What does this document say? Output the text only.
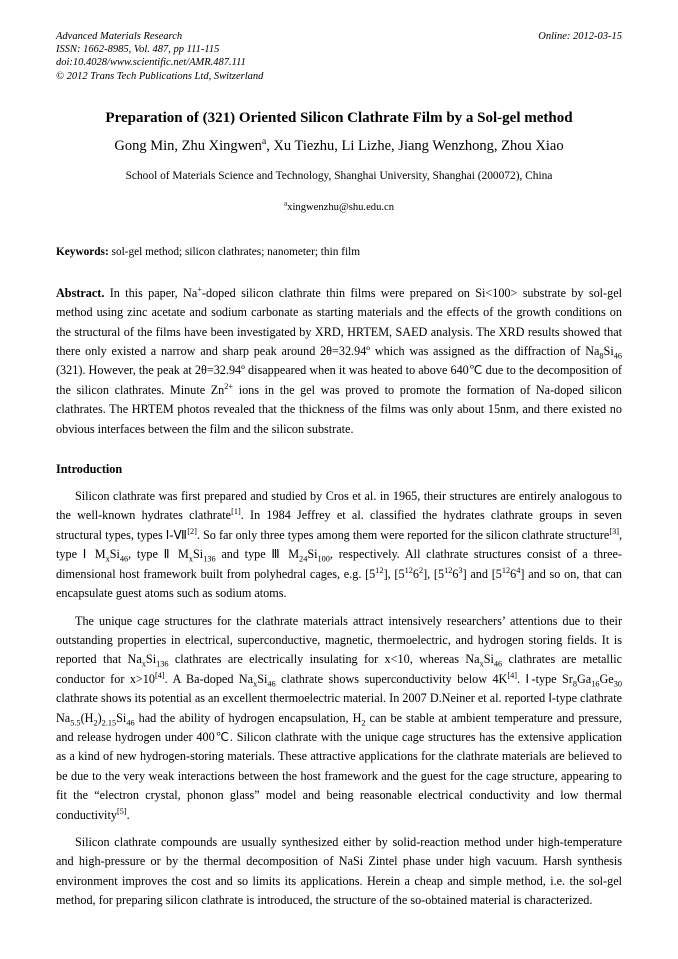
Advanced Materials Research
ISSN: 1662-8985, Vol. 487, pp 111-115
doi:10.4028/www.scientific.net/AMR.487.111
© 2012 Trans Tech Publications Ltd, Switzerland
Online: 2012-03-15
Preparation of (321) Oriented Silicon Clathrate Film by a Sol-gel method
Gong Min, Zhu Xingwen$^a$, Xu Tiezhu, Li Lizhe, Jiang Wenzhong, Zhou Xiao
School of Materials Science and Technology, Shanghai University, Shanghai (200072), China
$^a$xingwenzhu@shu.edu.cn
Keywords: sol-gel method; silicon clathrates; nanometer; thin film
Abstract. In this paper, Na+-doped silicon clathrate thin films were prepared on Si<100> substrate by sol-gel method using zinc acetate and sodium carbonate as starting materials and the effects of the growth conditions on the structural of the films have been investigated by XRD, HRTEM, SAED analysis. The XRD results showed that there only existed a narrow and sharp peak around 2θ=32.94º which was assigned as the diffraction of $Na_8Si_{46}$ (321). However, the peak at 2θ=32.94º disappeared when it was heated to above 640℃ due to the decomposition of the silicon clathrates. Minute $Zn^{2+}$ ions in the gel was proved to promote the formation of Na-doped silicon clathrates. The HRTEM photos revealed that the thickness of the films was only about 15nm, and there existed no obvious interfaces between the film and the silicon substrate.
Introduction
Silicon clathrate was first prepared and studied by Cros et al. in 1965, their structures are entirely analogous to the well-known hydrates clathrate[1]. In 1984 Jeffrey et al. classified the hydrates clathrate groups in seven structural types, types Ⅰ-Ⅶ[2]. So far only three types among them were reported for the silicon clathrate structure[3], type Ⅰ $M_xSi_{46}$, type Ⅱ $M_xSi_{136}$ and type Ⅲ $M_{24}Si_{100}$, respectively. All clathrate structures consist of a three-dimensional host framework built from polyhedral cages, e.g. $[5^{12}]$, $[5^{12}6^2]$, $[5^{12}6^3]$ and $[5^{12}6^4]$ and so on, that can encapsulate guest atoms such as sodium atoms.
The unique cage structures for the clathrate materials attract intensively researchers’ attentions due to their outstanding properties in electrical, superconductive, magnetic, thermoelectric, and hydrogen storing fields. It is reported that $Na_xSi_{136}$ clathrates are electrically insulating for x<10, whereas $Na_xSi_{46}$ clathrates are metallic conductor for x>10[4]. A Ba-doped $Na_xSi_{46}$ clathrate shows superconductivity below 4K[4]. Ⅰ-type $Sr_8Ga_{16}Ge_{30}$ clathrate shows its potential as an excellent thermoelectric material. In 2007 D.Neiner et al. reported Ⅰ-type clathrate $Na_{5.5}(H_2)_{2.15}Si_{46}$ had the ability of hydrogen encapsulation, $H_2$ can be stable at ambient temperature and pressure, and release hydrogen under 400℃. Silicon clathrate with the unique cage structures has the extensive application as a kind of new hydrogen-storing materials. These attractive applications for the clathrate materials are believed to be due to the very weak interactions between the host framework and the guest for the cage structure, appearing to fit the “electron crystal, phonon glass” model and being reasonable electrical conductivity and low thermal conductivity[5].
Silicon clathrate compounds are usually synthesized either by solid-reaction method under high-temperature and high-pressure or by the thermal decomposition of NaSi Zintel phase under high vacuum. Harsh synthesis environment improves the cost and so limits its applications. Herein a cheap and simple method, i.e. the sol-gel method, for preparing silicon clathrate is introduced, the structure of the so-obtained material is characterized.
